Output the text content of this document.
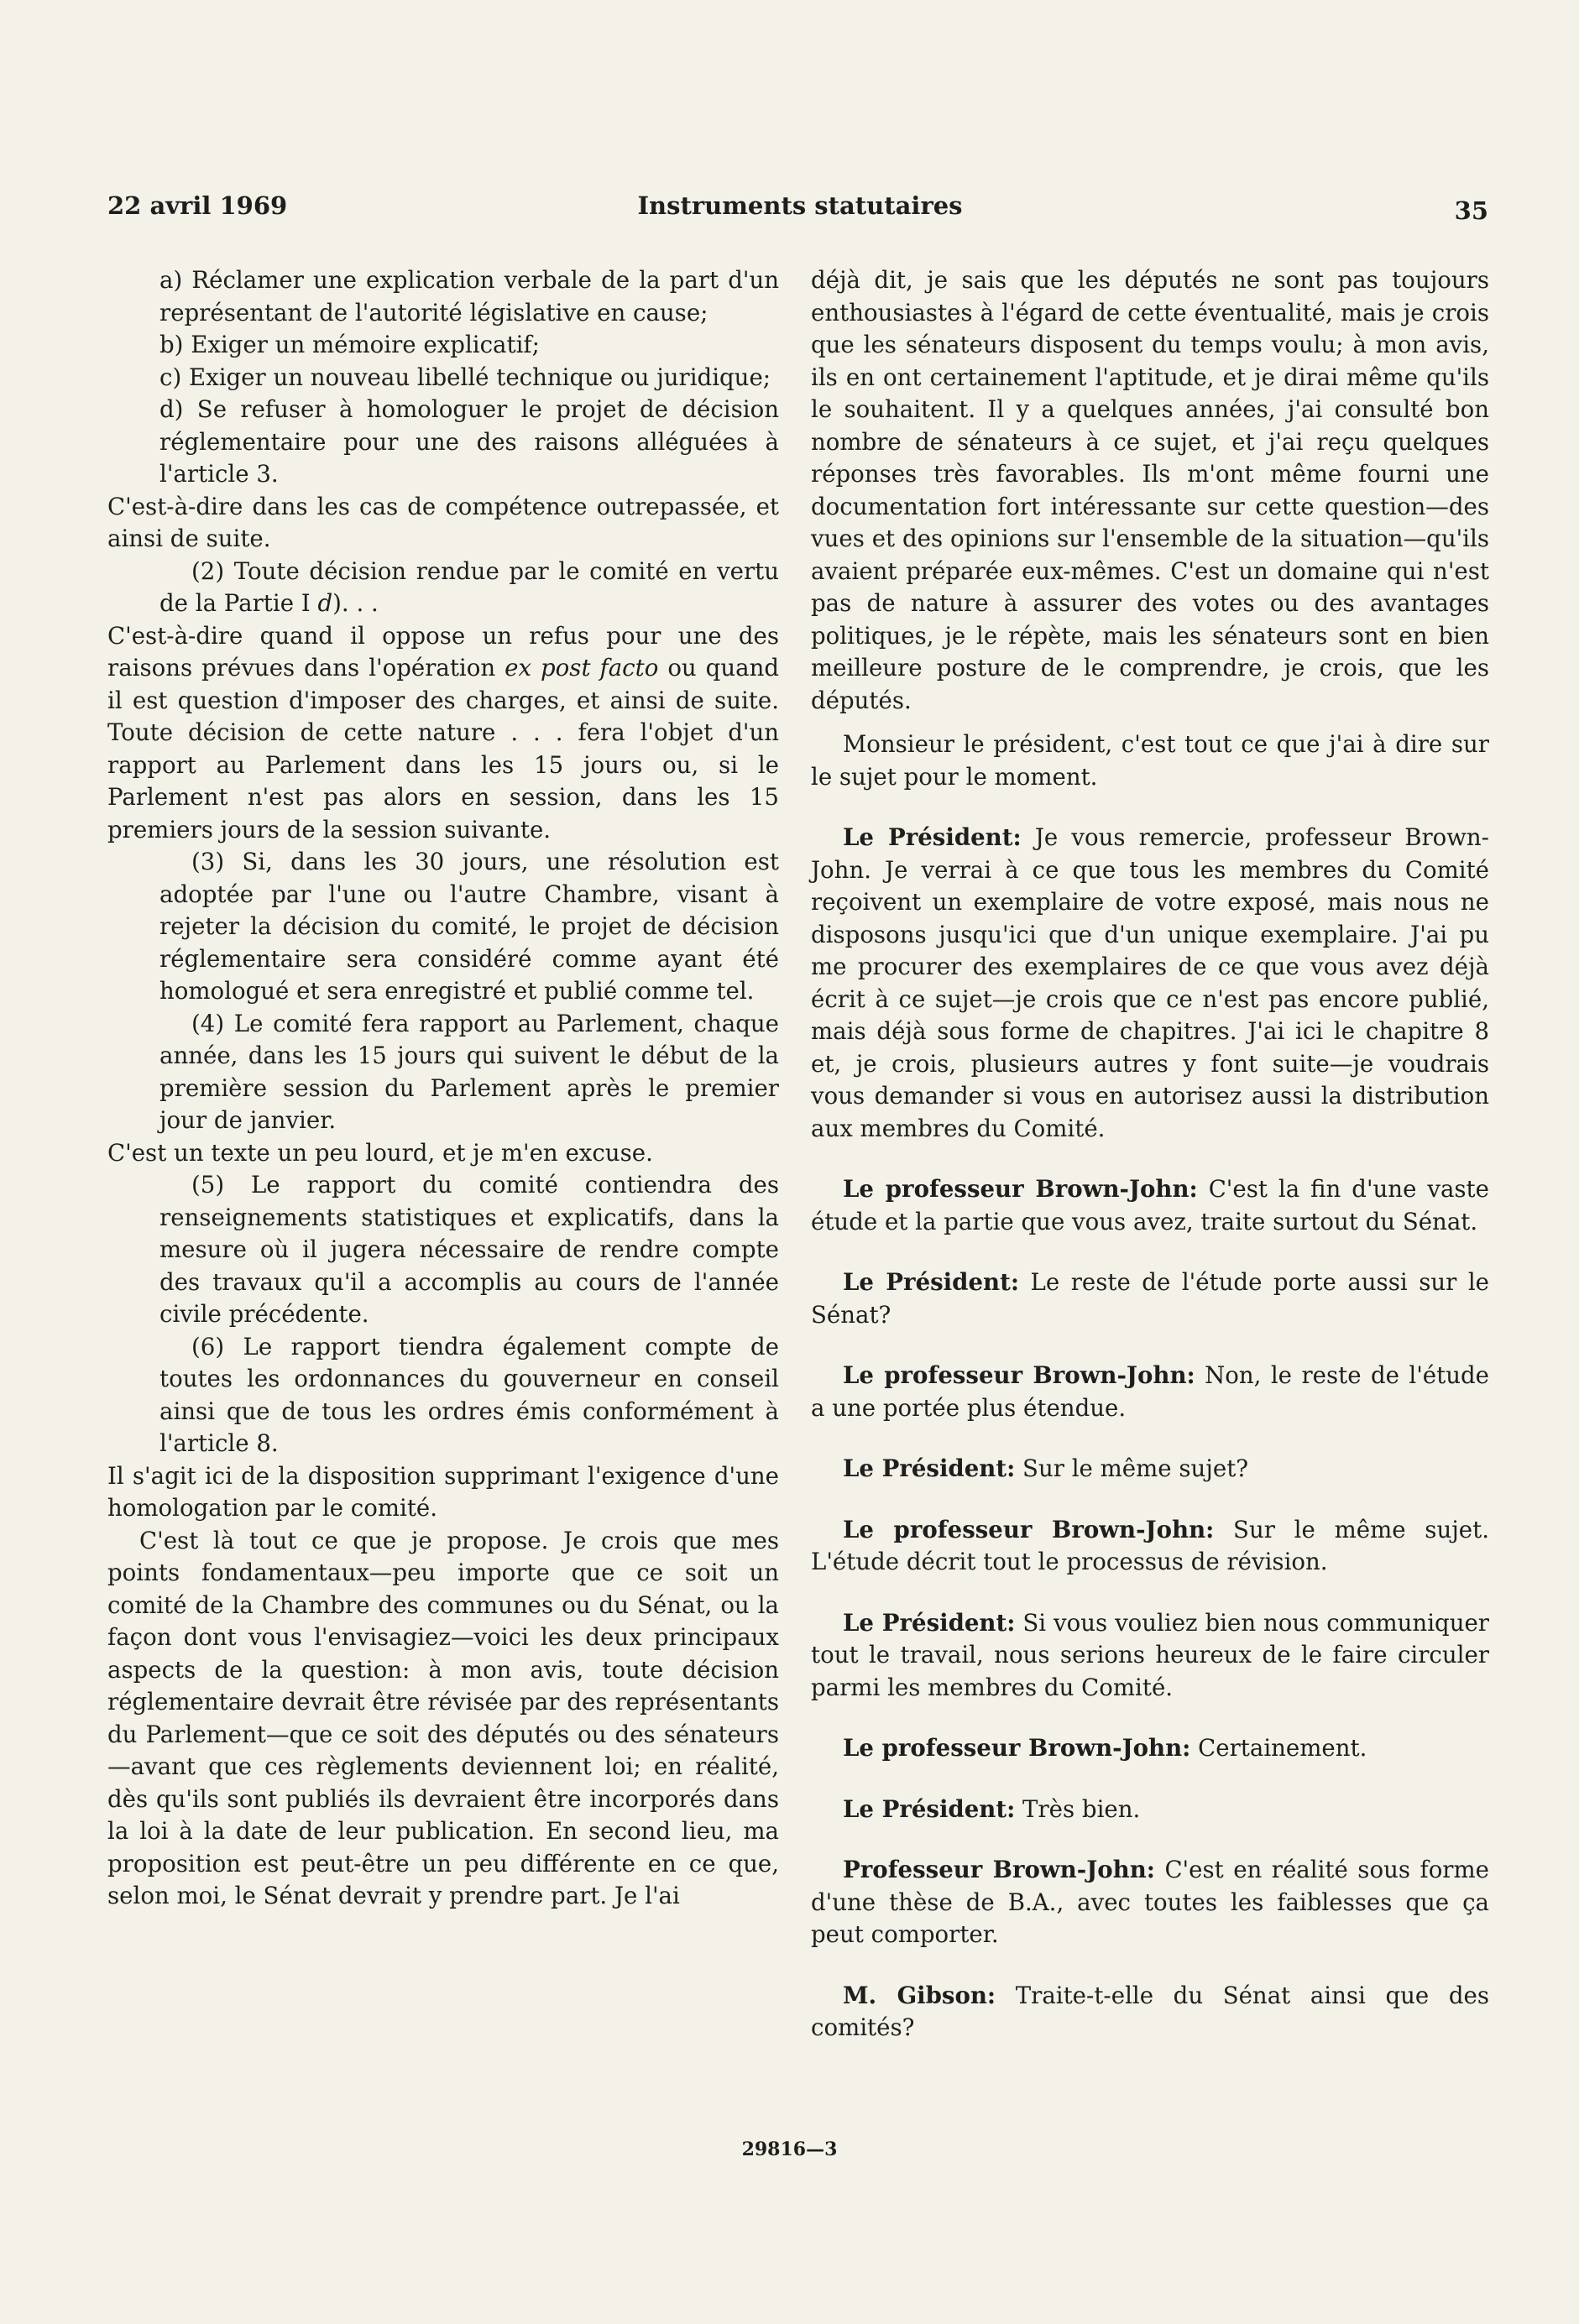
22 avril 1969	Instruments statutaires	35

a) Réclamer une explication verbale de la part d'un représentant de l'autorité législative en cause;

b) Exiger un mémoire explicatif;

c) Exiger un nouveau libellé technique ou juridique;

d) Se refuser à homologuer le projet de décision réglementaire pour une des raisons alléguées à l'article 3.

C'est-à-dire dans les cas de compétence outrepassée, et ainsi de suite.

(2) Toute décision rendue par le comité en vertu de la Partie I d). . .

C'est-à-dire quand il oppose un refus pour une des raisons prévues dans l'opération ex post facto ou quand il est question d'imposer des charges, et ainsi de suite. Toute décision de cette nature . . . fera l'objet d'un rapport au Parlement dans les 15 jours ou, si le Parlement n'est pas alors en session, dans les 15 premiers jours de la session suivante.

(3) Si, dans les 30 jours, une résolution est adoptée par l'une ou l'autre Chambre, visant à rejeter la décision du comité, le projet de décision réglementaire sera considéré comme ayant été homologué et sera enregistré et publié comme tel.

(4) Le comité fera rapport au Parlement, chaque année, dans les 15 jours qui suivent le début de la première session du Parlement après le premier jour de janvier.

C'est un texte un peu lourd, et je m'en excuse.

(5) Le rapport du comité contiendra des renseignements statistiques et explicatifs, dans la mesure où il jugera nécessaire de rendre compte des travaux qu'il a accomplis au cours de l'année civile précédente.

(6) Le rapport tiendra également compte de toutes les ordonnances du gouverneur en conseil ainsi que de tous les ordres émis conformément à l'article 8.

Il s'agit ici de la disposition supprimant l'exigence d'une homologation par le comité.

C'est là tout ce que je propose. Je crois que mes points fondamentaux—peu importe que ce soit un comité de la Chambre des communes ou du Sénat, ou la façon dont vous l'envisagiez—voici les deux principaux aspects de la question: à mon avis, toute décision réglementaire devrait être révisée par des représentants du Parlement—que ce soit des députés ou des sénateurs—avant que ces règlements deviennent loi; en réalité, dès qu'ils sont publiés ils devraient être incorporés dans la loi à la date de leur publication. En second lieu, ma proposition est peut-être un peu différente en ce que, selon moi, le Sénat devrait y prendre part. Je l'ai

déjà dit, je sais que les députés ne sont pas toujours enthousiastes à l'égard de cette éventualité, mais je crois que les sénateurs disposent du temps voulu; à mon avis, ils en ont certainement l'aptitude, et je dirai même qu'ils le souhaitent. Il y a quelques années, j'ai consulté bon nombre de sénateurs à ce sujet, et j'ai reçu quelques réponses très favorables. Ils m'ont même fourni une documentation fort intéressante sur cette question—des vues et des opinions sur l'ensemble de la situation—qu'ils avaient préparée eux-mêmes. C'est un domaine qui n'est pas de nature à assurer des votes ou des avantages politiques, je le répète, mais les sénateurs sont en bien meilleure posture de le comprendre, je crois, que les députés.

Monsieur le président, c'est tout ce que j'ai à dire sur le sujet pour le moment.

Le Président: Je vous remercie, professeur Brown-John. Je verrai à ce que tous les membres du Comité reçoivent un exemplaire de votre exposé, mais nous ne disposons jusqu'ici que d'un unique exemplaire. J'ai pu me procurer des exemplaires de ce que vous avez déjà écrit à ce sujet—je crois que ce n'est pas encore publié, mais déjà sous forme de chapitres. J'ai ici le chapitre 8 et, je crois, plusieurs autres y font suite—je voudrais vous demander si vous en autorisez aussi la distribution aux membres du Comité.

Le professeur Brown-John: C'est la fin d'une vaste étude et la partie que vous avez, traite surtout du Sénat.

Le Président: Le reste de l'étude porte aussi sur le Sénat?

Le professeur Brown-John: Non, le reste de l'étude a une portée plus étendue.

Le Président: Sur le même sujet?

Le professeur Brown-John: Sur le même sujet. L'étude décrit tout le processus de révision.

Le Président: Si vous vouliez bien nous communiquer tout le travail, nous serions heureux de le faire circuler parmi les membres du Comité.

Le professeur Brown-John: Certainement.

Le Président: Très bien.

Professeur Brown-John: C'est en réalité sous forme d'une thèse de B.A., avec toutes les faiblesses que ça peut comporter.

M. Gibson: Traite-t-elle du Sénat ainsi que des comités?

29816—3
